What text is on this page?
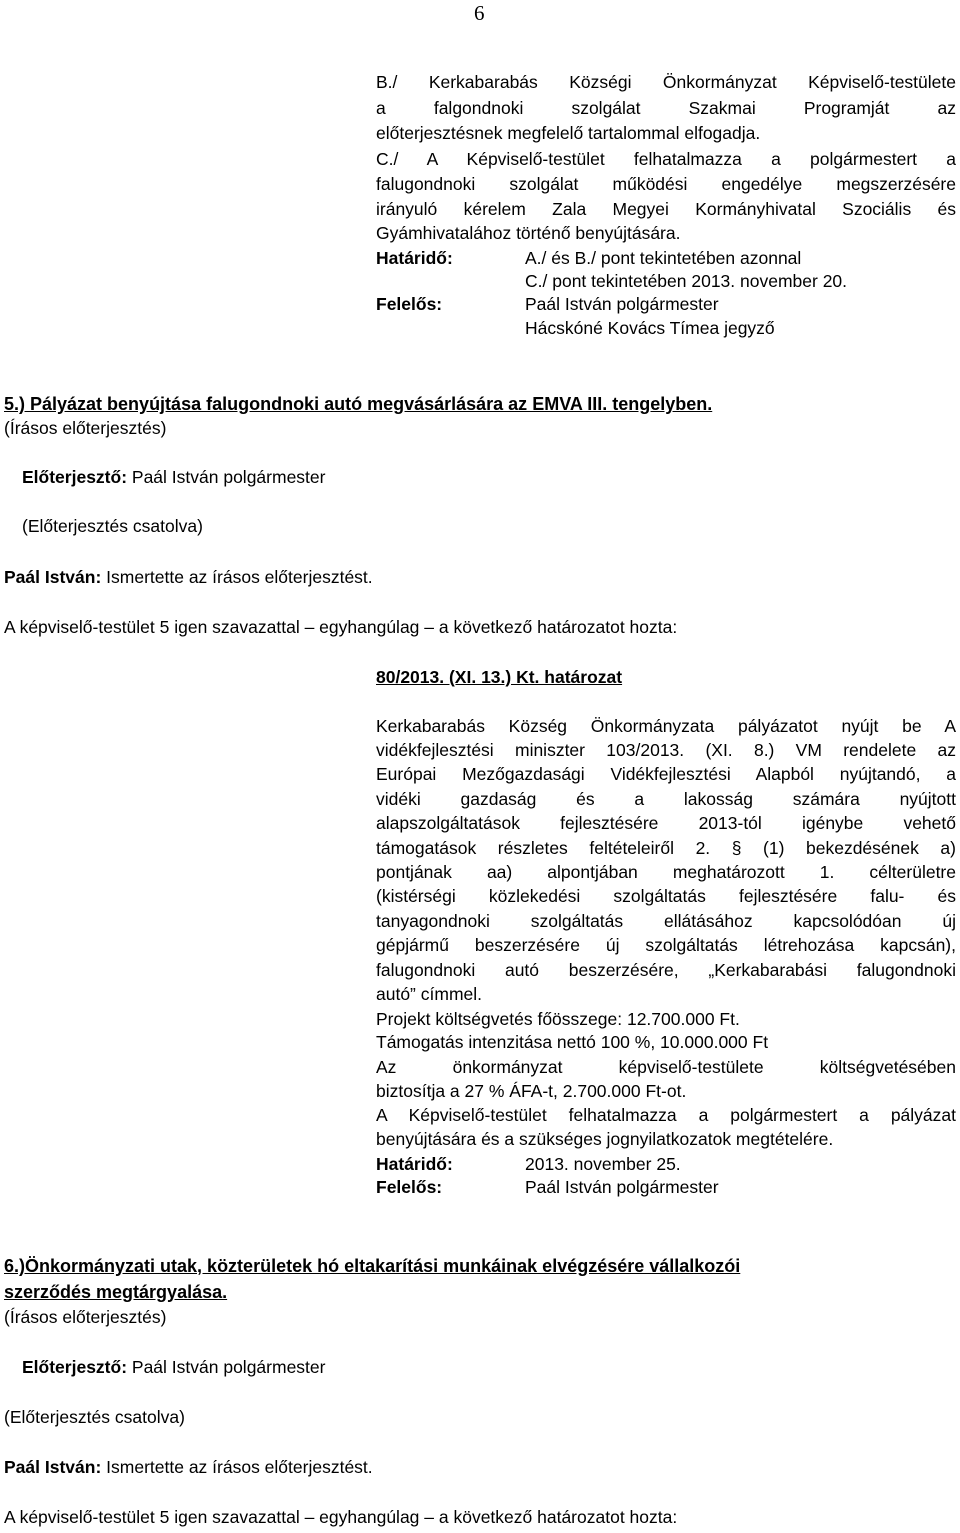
6
B./ Kerkabarabás Községi Önkormányzat Képviselő-testülete
a falgondnoki szolgálat Szakmai Programját az
előterjesztésnek megfelelő tartalommal elfogadja.
C./ A Képviselő-testület felhatalmazza a polgármestert a
falugondnoki szolgálat működési engedélye megszerzésére
irányuló kérelem Zala Megyei Kormányhivatal Szociális és
Gyámhivatalához történő benyújtására.
Határidő:	A./ és B./ pont tekintetében azonnal
C./ pont tekintetében 2013. november 20.
Felelős:	Paál István polgármester
Hácskóné Kovács Tímea jegyző
5.) Pályázat benyújtása falugondnoki autó megvásárlására az EMVA III. tengelyben.
(Írásos előterjesztés)
Előterjesztő: Paál István polgármester
(Előterjesztés csatolva)
Paál István: Ismertette az írásos előterjesztést.
A képviselő-testület 5 igen szavazattal – egyhangúlag – a következő határozatot hozta:
80/2013. (XI. 13.) Kt. határozat
Kerkabarabás Község Önkormányzata pályázatot nyújt be A
vidékfejlesztési miniszter 103/2013. (XI. 8.) VM rendelete az
Európai Mezőgazdasági Vidékfejlesztési Alapból nyújtandó, a
vidéki gazdaság és a lakosság számára nyújtott
alapszolgáltatások fejlesztésére 2013-tól igénybe vehető
támogatások részletes feltételeiről 2. § (1) bekezdésének a)
pontjának aa) alpontjában meghatározott 1. célterületre
(kistérségi közlekedési szolgáltatás fejlesztésére falu- és
tanyagondnoki szolgáltatás ellátásához kapcsolódóan új
gépjármű beszerzésére új szolgáltatás létrehozása kapcsán),
falugondnoki autó beszerzésére, „Kerkabarabási falugondnoki
autó” címmel.
Projekt költségvetés főösszege: 12.700.000 Ft.
Támogatás intenzitása nettó 100 %, 10.000.000 Ft
Az önkormányzat képviselő-testülete költségvetésében
biztosítja a 27 % ÁFA-t, 2.700.000 Ft-ot.
A Képviselő-testület felhatalmazza a polgármestert a pályázat
benyújtására és a szükséges jognyilatkozatok megtételére.
Határidő:	2013. november 25.
Felelős:	Paál István polgármester
6.)Önkormányzati utak, közterületek hó eltakarítási munkáinak elvégzésére vállalkozói
szerződés megtárgyalása.
(Írásos előterjesztés)
Előterjesztő: Paál István polgármester
(Előterjesztés csatolva)
Paál István: Ismertette az írásos előterjesztést.
A képviselő-testület 5 igen szavazattal – egyhangúlag – a következő határozatot hozta:
